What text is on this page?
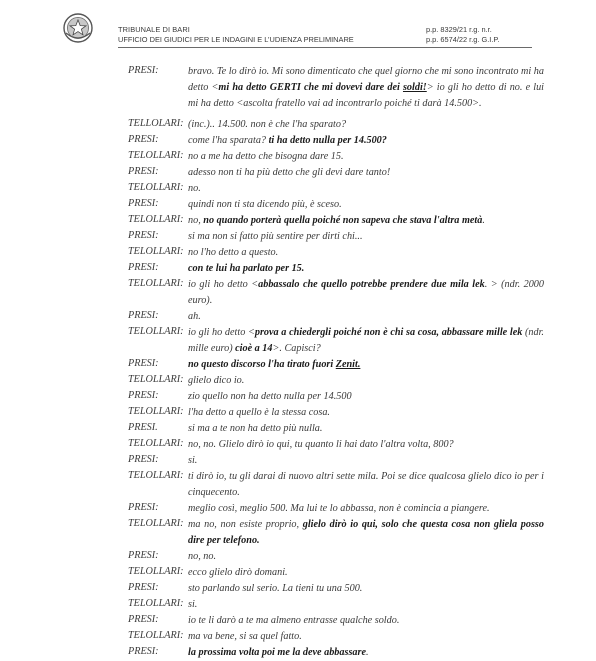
TRIBUNALE DI BARI
UFFICIO DEI GIUDICI PER LE INDAGINI E L’UDIENZA PRELIMINARE
p.p. 8329/21 r.g. n.r.
p.p. 6574/22 r.g. G.I.P.
PRESI:	bravo. Te lo dirò io. Mi sono dimenticato che quel giorno che mi sono incontrato mi ha detto <mi ha detto GERTI che mi dovevi dare dei soldi!> io gli ho detto di no. e lui mi ha detto <ascolta fratello vai ad incontrarlo poiché ti darà 14.500>.
TELLOLARI: (inc.).. 14.500. non è che l'ha sparato?
PRESI:	come l'ha sparata? ti ha detto nulla per 14.500?
TELOLLARI: no a me ha detto che bisogna dare 15.
PRESI:	adesso non ti ha più detto che gli devi dare tanto!
TELOLLARI: no.
PRESI:	quindi non ti sta dicendo più, è sceso.
TELOLLARI: no, no quando porterà quella poiché non sapeva che stava l'altra metà.
PRESI:	si ma non si fatto più sentire per dirti chi...
TELOLLARI: no l'ho detto a questo.
PRESI:	con te lui ha parlato per 15.
TELOLLARI: io gli ho detto <abbassalo che quello potrebbe prendere due mila lek. > (ndr. 2000 euro).
PRESI:	ah.
TELOLLARI: io gli ho detto <prova a chiedergli poiché non è chi sa cosa, abbassare mille lek (ndr. mille euro) cioè a 14>. Capisci?
PRESI:	no questo discorso l'ha tirato fuori Zenit.
TELOLLARI: glielo dico io.
PRESI:	zio quello non ha detto nulla per 14.500
TELOLLARI: l'ha detto a quello è la stessa cosa.
PRESI.	si ma a te non ha detto più nulla.
TELOLLARI: no, no. Glielo dirò io qui, tu quanto li hai dato l'altra volta, 800?
PRESI:	si.
TELOLLARI: ti dirò io, tu gli darai di nuovo altri sette mila. Poi se dice qualcosa glielo dico io per i cinquecento.
PRESI:	meglio così, meglio 500. Ma lui te lo abbassa, non è comincia a piangere.
TELOLLARI: ma no, non esiste proprio, glielo dirò io qui, solo che questa cosa non gliela posso dire per telefono.
PRESI:	no, no.
TELOLLARI: ecco glielo dirò domani.
PRESI:	sto parlando sul serio. La tieni tu una 500.
TELOLLARI: si.
PRESI:	io te li darò a te ma almeno entrasse qualche soldo.
TELOLLARI: ma va bene, si sa quel fatto.
PRESI:	la prossima volta poi me la deve abbassare.
